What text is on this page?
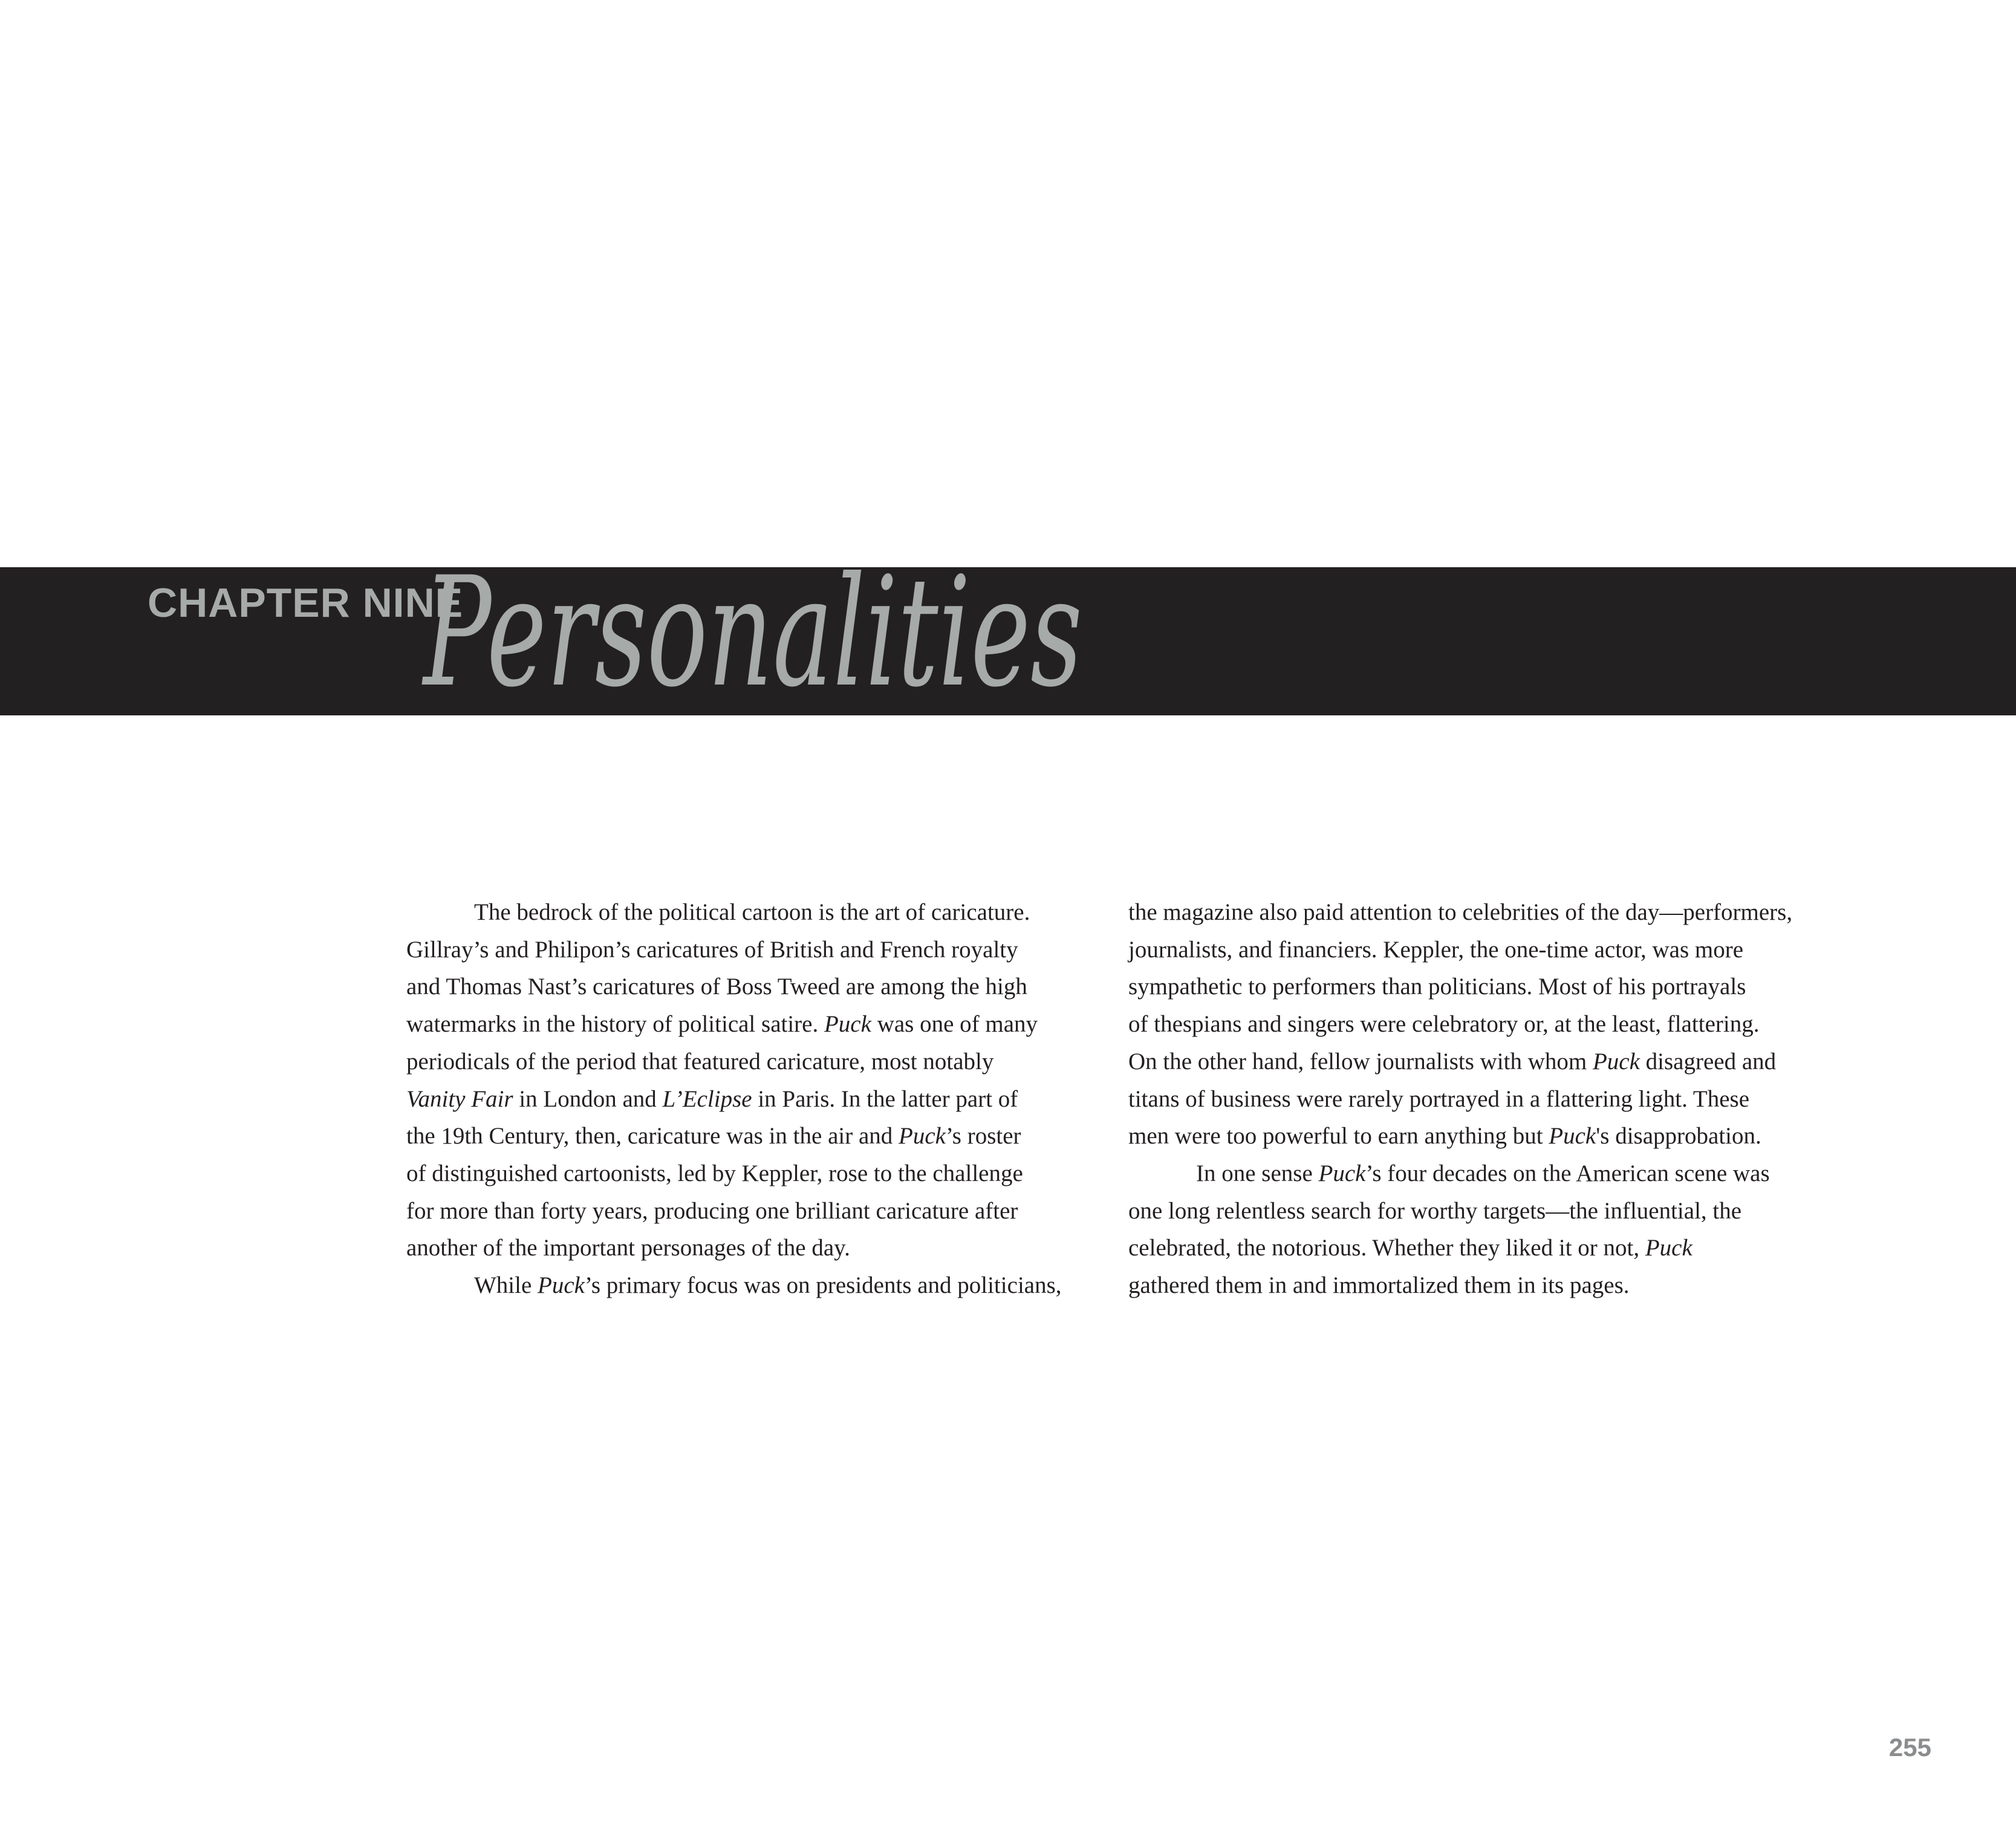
CHAPTER NINE
Personalities
The bedrock of the political cartoon is the art of caricature.
Gillray’s and Philipon’s caricatures of British and French royalty
and Thomas Nast’s caricatures of Boss Tweed are among the high
watermarks in the history of political satire. Puck was one of many
periodicals of the period that featured caricature, most notably
Vanity Fair in London and L’Eclipse in Paris. In the latter part of
the 19th Century, then, caricature was in the air and Puck’s roster
of distinguished cartoonists, led by Keppler, rose to the challenge
for more than forty years, producing one brilliant caricature after
another of the important personages of the day.
While Puck’s primary focus was on presidents and politicians,
the magazine also paid attention to celebrities of the day—performers,
journalists, and financiers. Keppler, the one-time actor, was more
sympathetic to performers than politicians. Most of his portrayals
of thespians and singers were celebratory or, at the least, flattering.
On the other hand, fellow journalists with whom Puck disagreed and
titans of business were rarely portrayed in a flattering light. These
men were too powerful to earn anything but Puck's disapprobation.
In one sense Puck’s four decades on the American scene was
one long relentless search for worthy targets—the influential, the
celebrated, the notorious. Whether they liked it or not, Puck
gathered them in and immortalized them in its pages.
255
